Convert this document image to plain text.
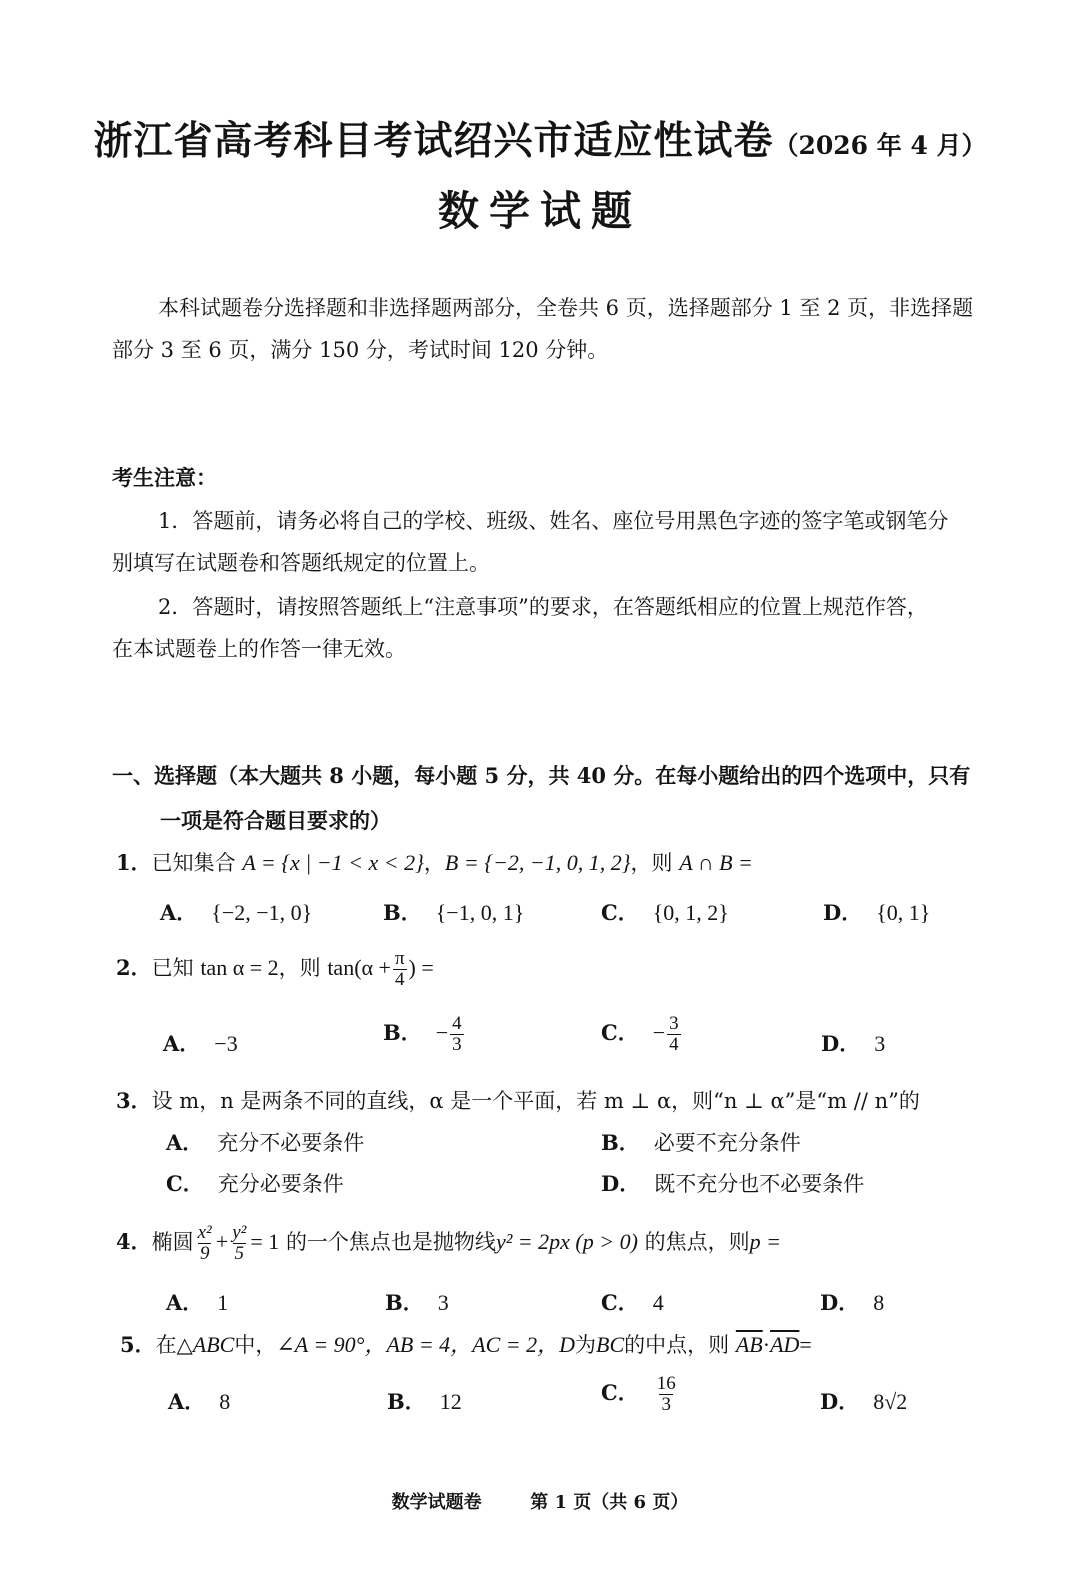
浙江省高考科目考试绍兴市适应性试卷（2026 年 4 月）
数学试题
本科试题卷分选择题和非选择题两部分，全卷共 6 页，选择题部分 1 至 2 页，非选择题
部分 3 至 6 页，满分 150 分，考试时间 120 分钟。
考生注意：
1．答题前，请务必将自己的学校、班级、姓名、座位号用黑色字迹的签字笔或钢笔分
别填写在试题卷和答题纸规定的位置上。
2．答题时，请按照答题纸上“注意事项”的要求，在答题纸相应的位置上规范作答，
在本试题卷上的作答一律无效。
一、选择题（本大题共 8 小题，每小题 5 分，共 40 分。在每小题给出的四个选项中，只有
一项是符合题目要求的）
1．已知集合 A = {x | −1 < x < 2}，B = {−2, −1, 0, 1, 2}，则 A ∩ B =
A． {−2, −1, 0}	B． {−1, 0, 1}	C． {0, 1, 2}	D． {0, 1}
2．已知 tan α = 2，则 $\tan(\alpha + \frac{\pi}{4}$ ) =
A． −3	B． − $\frac{4}{3}$	C． − $\frac{3}{4}$	D． 3
3．设 m，n 是两条不同的直线，α 是一个平面，若 m ⊥ α，则“n ⊥ α”是“m // n”的
A． 充分不必要条件	B． 必要不充分条件
C． 充分必要条件	D． 既不充分也不必要条件
4．椭圆 $\frac{\text{x²}}{9} + \frac{\text{y²}}{5} = 1$ 的一个焦点也是抛物线y² = 2px (p > 0) 的焦点，则p =
A． 1	B． 3	C． 4	D． 8
5．在△ABC中，∠A = 90°，AB = 4，AC = 2，D为BC的中点，则 $\overline{AB}\cdot\overline{AD}=$
A． 8	B． 12	C． $\frac{16}{3}$	D． 8√2
数学试题卷	第 1 页（共 6 页）
